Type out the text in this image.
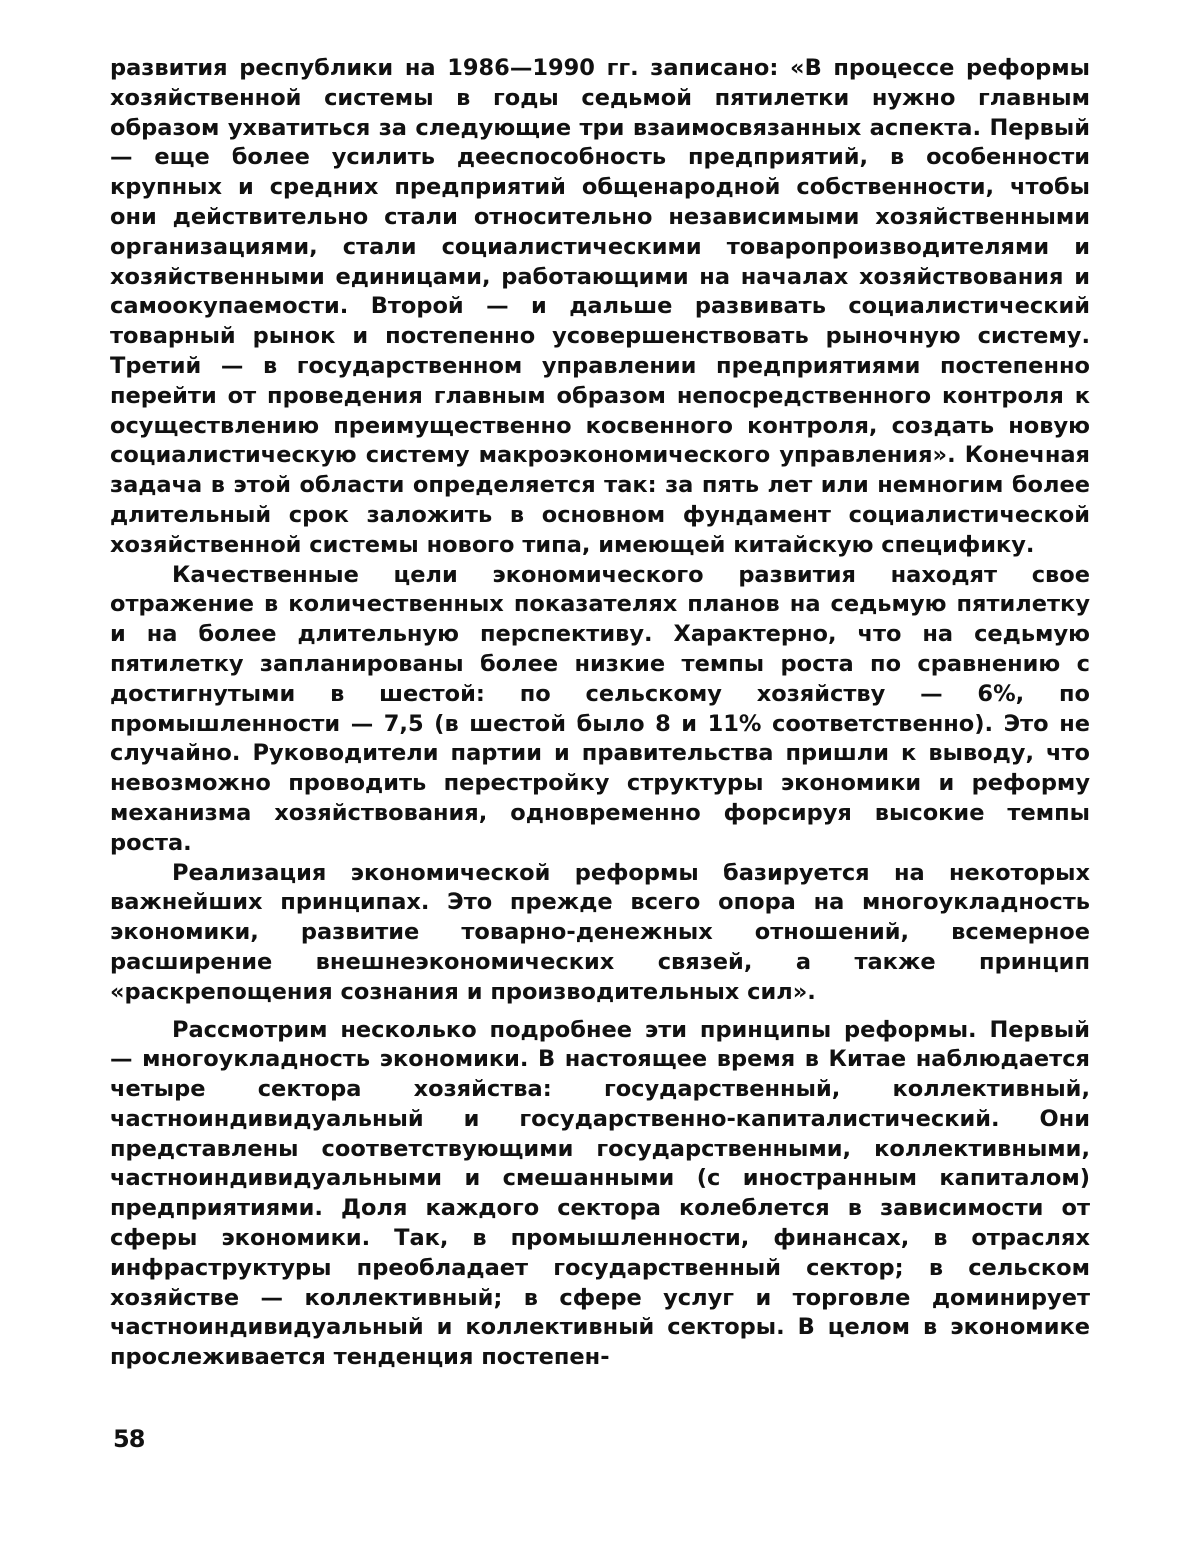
развития республики на 1986—1990 гг. записано: «В процессе реформы хозяйственной системы в годы седьмой пятилетки нужно главным образом ухватиться за следующие три взаимосвязанных аспекта. Первый — еще более усилить дееспособность предприятий, в особенности крупных и средних предприятий общенародной собственности, чтобы они действительно стали относительно независимыми хозяйственными организациями, стали социалистическими товаропроизводителями и хозяйственными единицами, работающими на началах хозяйствования и самоокупаемости. Второй — и дальше развивать социалистический товарный рынок и постепенно усовершенствовать рыночную систему. Третий — в государственном управлении предприятиями постепенно перейти от проведения главным образом непосредственного контроля к осуществлению преимущественно косвенного контроля, создать новую социалистическую систему макроэкономического управления». Конечная задача в этой области определяется так: за пять лет или немногим более длительный срок заложить в основном фундамент социалистической хозяйственной системы нового типа, имеющей китайскую специфику.

Качественные цели экономического развития находят свое отражение в количественных показателях планов на седьмую пятилетку и на более длительную перспективу. Характерно, что на седьмую пятилетку запланированы более низкие темпы роста по сравнению с достигнутыми в шестой: по сельскому хозяйству — 6%, по промышленности — 7,5 (в шестой было 8 и 11% соответственно). Это не случайно. Руководители партии и правительства пришли к выводу, что невозможно проводить перестройку структуры экономики и реформу механизма хозяйствования, одновременно форсируя высокие темпы роста.

Реализация экономической реформы базируется на некоторых важнейших принципах. Это прежде всего опора на многоукладность экономики, развитие товарно-денежных отношений, всемерное расширение внешнеэкономических связей, а также принцип «раскрепощения сознания и производительных сил».

Рассмотрим несколько подробнее эти принципы реформы. Первый — многоукладность экономики. В настоящее время в Китае наблюдается четыре сектора хозяйства: государственный, коллективный, частноиндивидуальный и государственно-капиталистический. Они представлены соответствующими государственными, коллективными, частноиндивидуальными и смешанными (с иностранным капиталом) предприятиями. Доля каждого сектора колеблется в зависимости от сферы экономики. Так, в промышленности, финансах, в отраслях инфраструктуры преобладает государственный сектор; в сельском хозяйстве — коллективный; в сфере услуг и торговле доминирует частноиндивидуальный и коллективный секторы. В целом в экономике прослеживается тенденция постепен-

58
